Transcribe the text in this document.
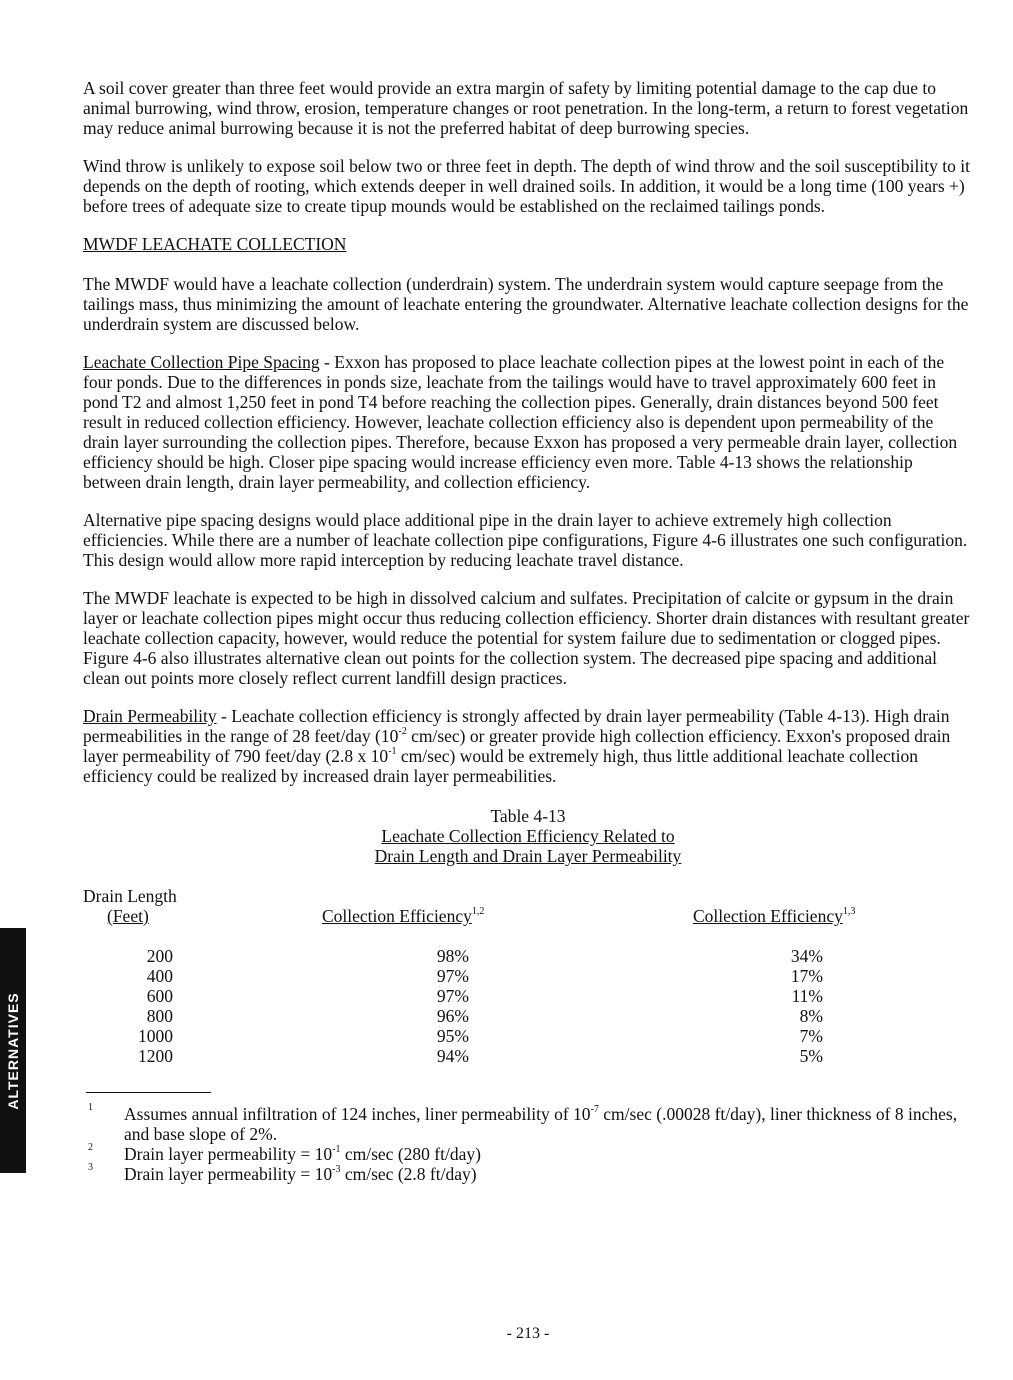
ALTERNATIVES

A soil cover greater than three feet would provide an extra margin of safety by limiting potential damage to the cap due to animal burrowing, wind throw, erosion, temperature changes or root penetration. In the long-term, a return to forest vegetation may reduce animal burrowing because it is not the preferred habitat of deep burrowing species.

Wind throw is unlikely to expose soil below two or three feet in depth. The depth of wind throw and the soil susceptibility to it depends on the depth of rooting, which extends deeper in well drained soils. In addition, it would be a long time (100 years +) before trees of adequate size to create tipup mounds would be established on the reclaimed tailings ponds.

MWDF LEACHATE COLLECTION

The MWDF would have a leachate collection (underdrain) system. The underdrain system would capture seepage from the tailings mass, thus minimizing the amount of leachate entering the groundwater. Alternative leachate collection designs for the underdrain system are discussed below.

Leachate Collection Pipe Spacing - Exxon has proposed to place leachate collection pipes at the lowest point in each of the four ponds. Due to the differences in ponds size, leachate from the tailings would have to travel approximately 600 feet in pond T2 and almost 1,250 feet in pond T4 before reaching the collection pipes. Generally, drain distances beyond 500 feet result in reduced collection efficiency. However, leachate collection efficiency also is dependent upon permeability of the drain layer surrounding the collection pipes. Therefore, because Exxon has proposed a very permeable drain layer, collection efficiency should be high. Closer pipe spacing would increase efficiency even more. Table 4-13 shows the relationship between drain length, drain layer permeability, and collection efficiency.

Alternative pipe spacing designs would place additional pipe in the drain layer to achieve extremely high collection efficiencies. While there are a number of leachate collection pipe configurations, Figure 4-6 illustrates one such configuration. This design would allow more rapid interception by reducing leachate travel distance.

The MWDF leachate is expected to be high in dissolved calcium and sulfates. Precipitation of calcite or gypsum in the drain layer or leachate collection pipes might occur thus reducing collection efficiency. Shorter drain distances with resultant greater leachate collection capacity, however, would reduce the potential for system failure due to sedimentation or clogged pipes. Figure 4-6 also illustrates alternative clean out points for the collection system. The decreased pipe spacing and additional clean out points more closely reflect current landfill design practices.

Drain Permeability - Leachate collection efficiency is strongly affected by drain layer permeability (Table 4-13). High drain permeabilities in the range of 28 feet/day ($10^{-2}$ cm/sec) or greater provide high collection efficiency. Exxon's proposed drain layer permeability of 790 feet/day (2.8 x $10^{-1}$ cm/sec) would be extremely high, thus little additional leachate collection efficiency could be realized by increased drain layer permeabilities.

Table 4-13
Leachate Collection Efficiency Related to
Drain Length and Drain Layer Permeability
Drain Length
(Feet)	Collection Efficiency$^{1,2}$	Collection Efficiency$^{1,3}$
200	98%	34%
400	97%	17%
600	97%	11%
800	96%	8%
1000	95%	7%
1200	94%	5%
1 Assumes annual infiltration of 124 inches, liner permeability of $10^{-7}$ cm/sec (.00028 ft/day), liner thickness of 8 inches, and base slope of 2%.
2 Drain layer permeability = $10^{-1}$ cm/sec (280 ft/day)
3 Drain layer permeability = $10^{-3}$ cm/sec (2.8 ft/day)
- 213 -
